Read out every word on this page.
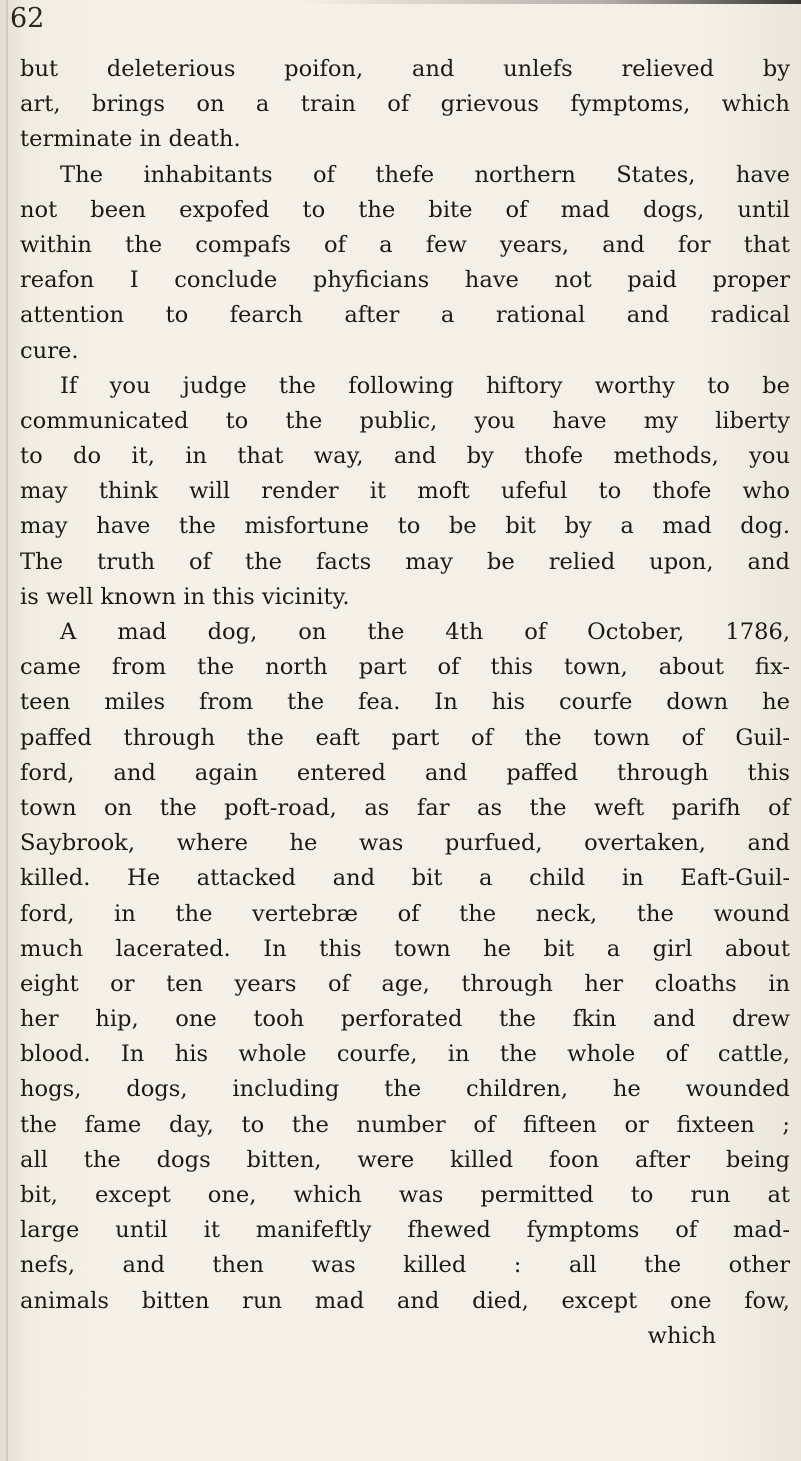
62
but deleterious poifon, and unlefs relieved by
art, brings on a train of grievous fymptoms, which
terminate in death.
The inhabitants of thefe northern States, have
not been expofed to the bite of mad dogs, until
within the compafs of a few years, and for that
reafon I conclude phyficians have not paid proper
attention to fearch after a rational and radical
cure.
If you judge the following hiftory worthy to be
communicated to the public, you have my liberty
to do it, in that way, and by thofe methods, you
may think will render it moft ufeful to thofe who
may have the misfortune to be bit by a mad dog.
The truth of the facts may be relied upon, and
is well known in this vicinity.
A mad dog, on the 4th of October, 1786,
came from the north part of this town, about fix-
teen miles from the fea. In his courfe down he
paffed through the eaft part of the town of Guil-
ford, and again entered and paffed through this
town on the poft-road, as far as the weft parifh of
Saybrook, where he was purfued, overtaken, and
killed. He attacked and bit a child in Eaft-Guil-
ford, in the vertebræ of the neck, the wound
much lacerated. In this town he bit a girl about
eight or ten years of age, through her cloaths in
her hip, one tooh perforated the fkin and drew
blood. In his whole courfe, in the whole of cattle,
hogs, dogs, including the children, he wounded
the fame day, to the number of fifteen or fixteen ;
all the dogs bitten, were killed foon after being
bit, except one, which was permitted to run at
large until it manifeftly fhewed fymptoms of mad-
nefs, and then was killed : all the other
animals bitten run mad and died, except one fow,
which
